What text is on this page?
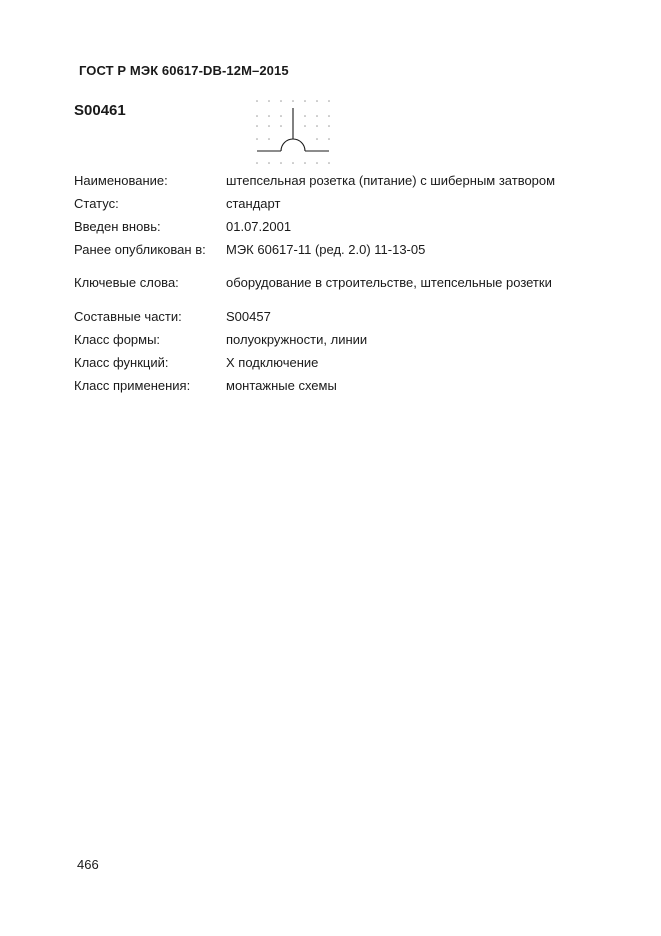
ГОСТ Р МЭК 60617-DB-12M–2015
S00461
Наименование:	штепсельная розетка (питание) с шиберным затвором
Статус:	стандарт
Введен вновь:	01.07.2001
Ранее опубликован в: МЭК 60617-11 (ред. 2.0) 11-13-05
Ключевые слова:	оборудование в строительстве, штепсельные розетки
Составные части:	S00457
Класс формы:	полуокружности, линии
Класс функций:	X подключение
Класс применения:	монтажные схемы
466
